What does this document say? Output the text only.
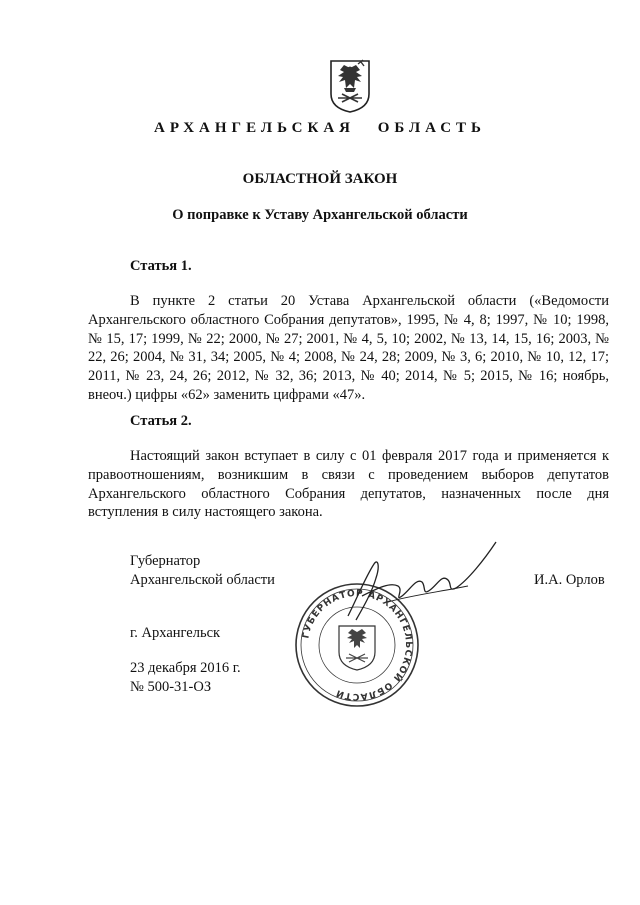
АРХАНГЕЛЬСКАЯ ОБЛАСТЬ
ОБЛАСТНОЙ ЗАКОН
О поправке к Уставу Архангельской области
Статья 1.
В пункте 2 статьи 20 Устава Архангельской области («Ведомости Архангельского областного Собрания депутатов», 1995, № 4, 8; 1997, № 10; 1998, № 15, 17; 1999, № 22; 2000, № 27; 2001, № 4, 5, 10; 2002, № 13, 14, 15, 16; 2003, № 22, 26; 2004, № 31, 34; 2005, № 4; 2008, № 24, 28; 2009, № 3, 6; 2010, № 10, 12, 17; 2011, № 23, 24, 26; 2012, № 32, 36; 2013, № 40; 2014, № 5; 2015, № 16; ноябрь, внеоч.) цифры «62» заменить цифрами «47».
Статья 2.
Настоящий закон вступает в силу с 01 февраля 2017 года и применяется к правоотношениям, возникшим в связи с проведением выборов депутатов Архангельского областного Собрания депутатов, назначенных после дня вступления в силу настоящего закона.
Губернатор
Архангельской области	И.А. Орлов
ГУБЕРНАТОР АРХАНГЕЛЬСКОЙ ОБЛАСТИ
г. Архангельск
23 декабря 2016 г.
№ 500-31-ОЗ
